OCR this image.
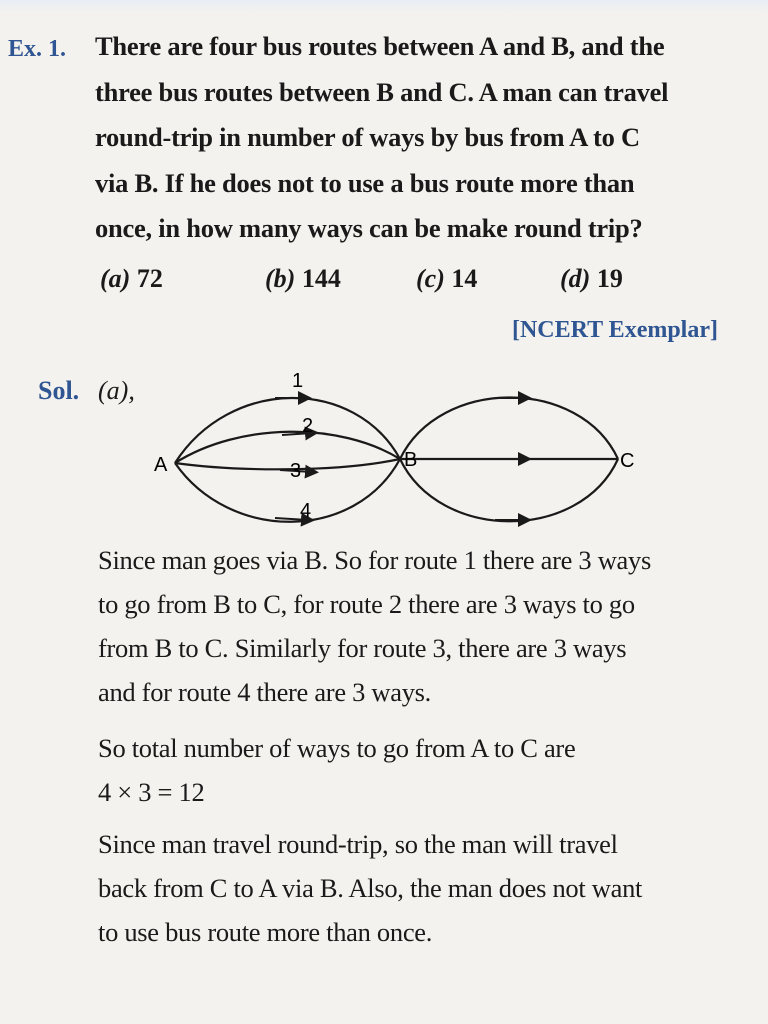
Ex. 1. There are four bus routes between A and B, and the
three bus routes between B and C. A man can travel
round-trip in number of ways by bus from A to C
via B. If he does not to use a bus route more than
once, in how many ways can be make round trip?
(a) 72	(b) 144	(c) 14	(d) 19
[NCERT Exemplar]
Sol. (a),
A	B	C
1
2
3
4
Since man goes via B. So for route 1 there are 3 ways
to go from B to C, for route 2 there are 3 ways to go
from B to C. Similarly for route 3, there are 3 ways
and for route 4 there are 3 ways.
So total number of ways to go from A to C are
4 × 3 = 12
Since man travel round-trip, so the man will travel
back from C to A via B. Also, the man does not want
to use bus route more than once.
